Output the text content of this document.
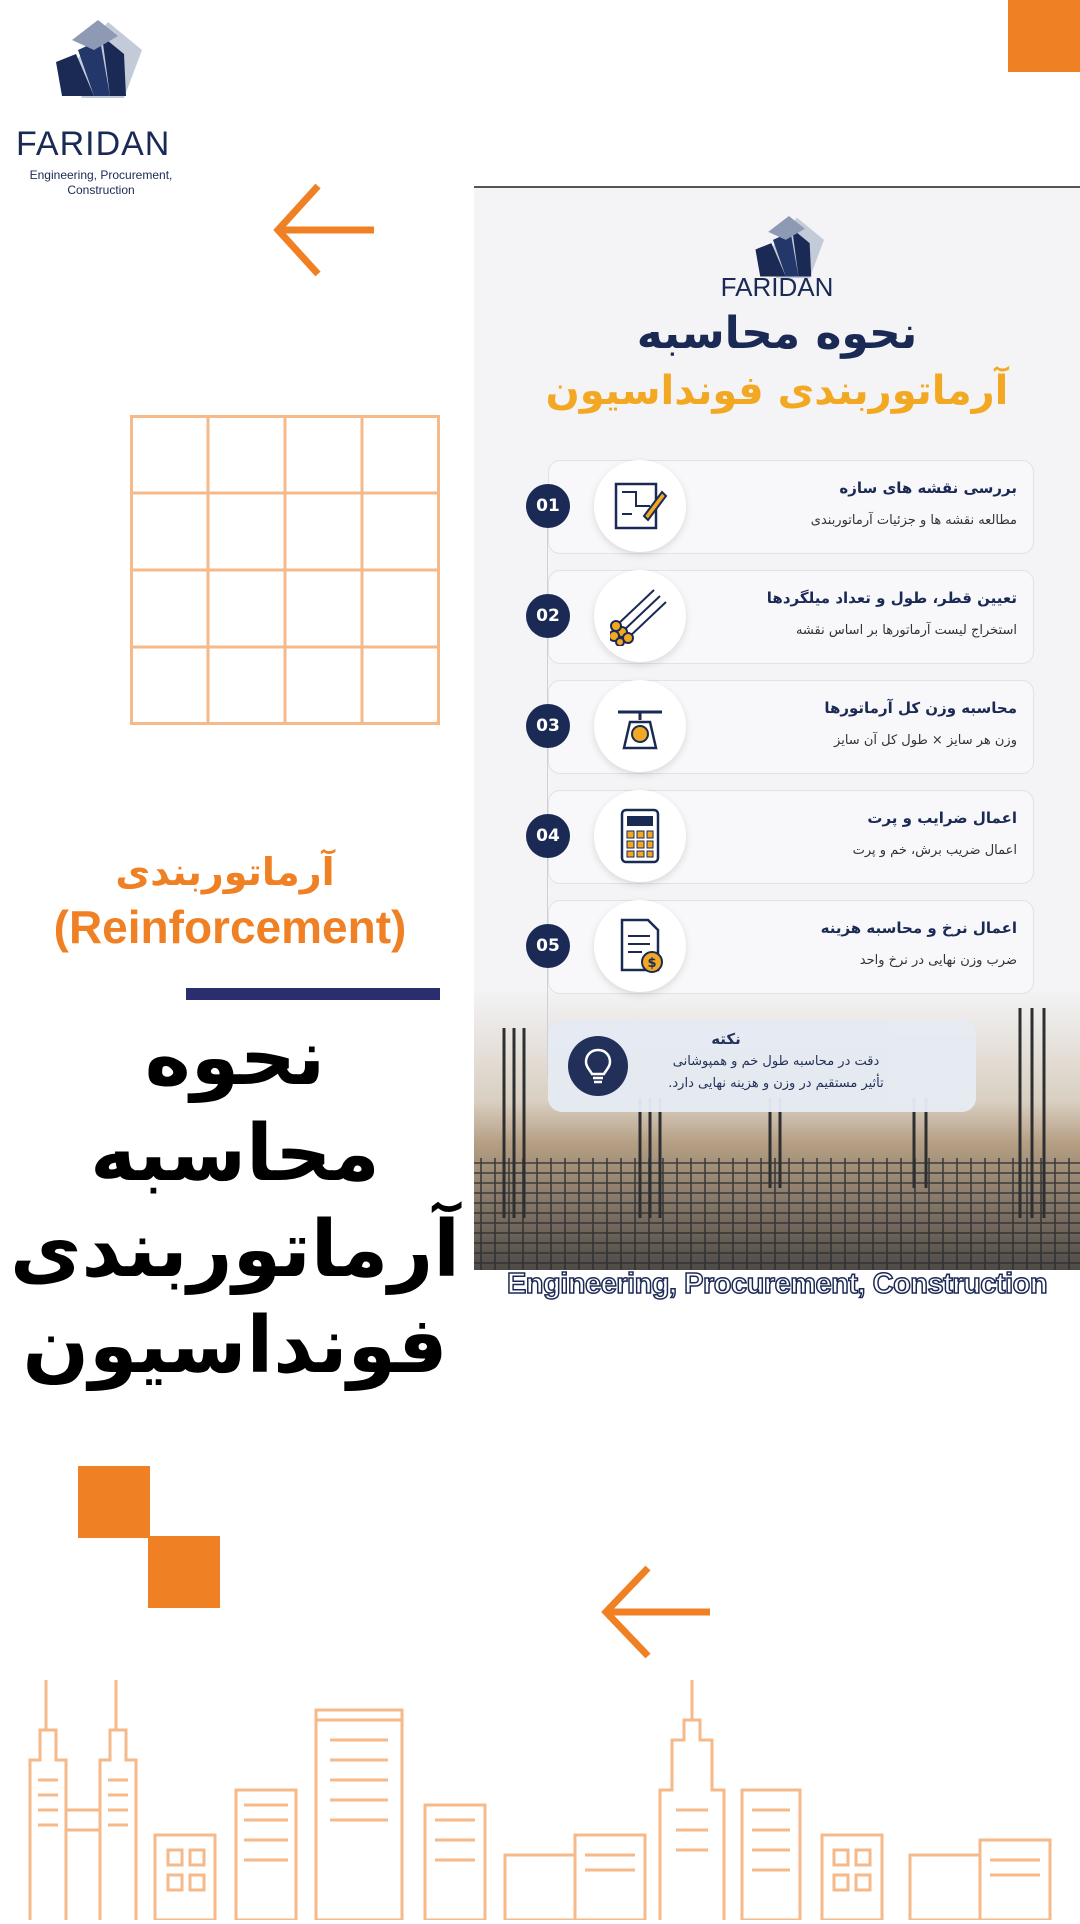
FARIDAN
Engineering, Procurement,
Construction
آرماتوربندی
(Reinforcement)
نحوه محاسبه
آرماتوربندی
فونداسیون
FARIDAN
نحوه محاسبه
آرماتوربندی فونداسیون
بررسی نقشه های سازه
مطالعه نقشه ها و جزئیات آرماتوربندی
01
تعیین قطر، طول و تعداد میلگردها
استخراج لیست آرماتورها بر اساس نقشه
02
محاسبه وزن کل آرماتورها
وزن هر سایز × طول کل آن سایز
03
اعمال ضرایب و پرت
اعمال ضریب برش، خم و پرت
04
اعمال نرخ و محاسبه هزینه
ضرب وزن نهایی در نرخ واحد
05
$
نکته
دقت در محاسبه طول خم و همپوشانی
تأثیر مستقیم در وزن و هزینه نهایی دارد.
Engineering, Procurement, Construction
